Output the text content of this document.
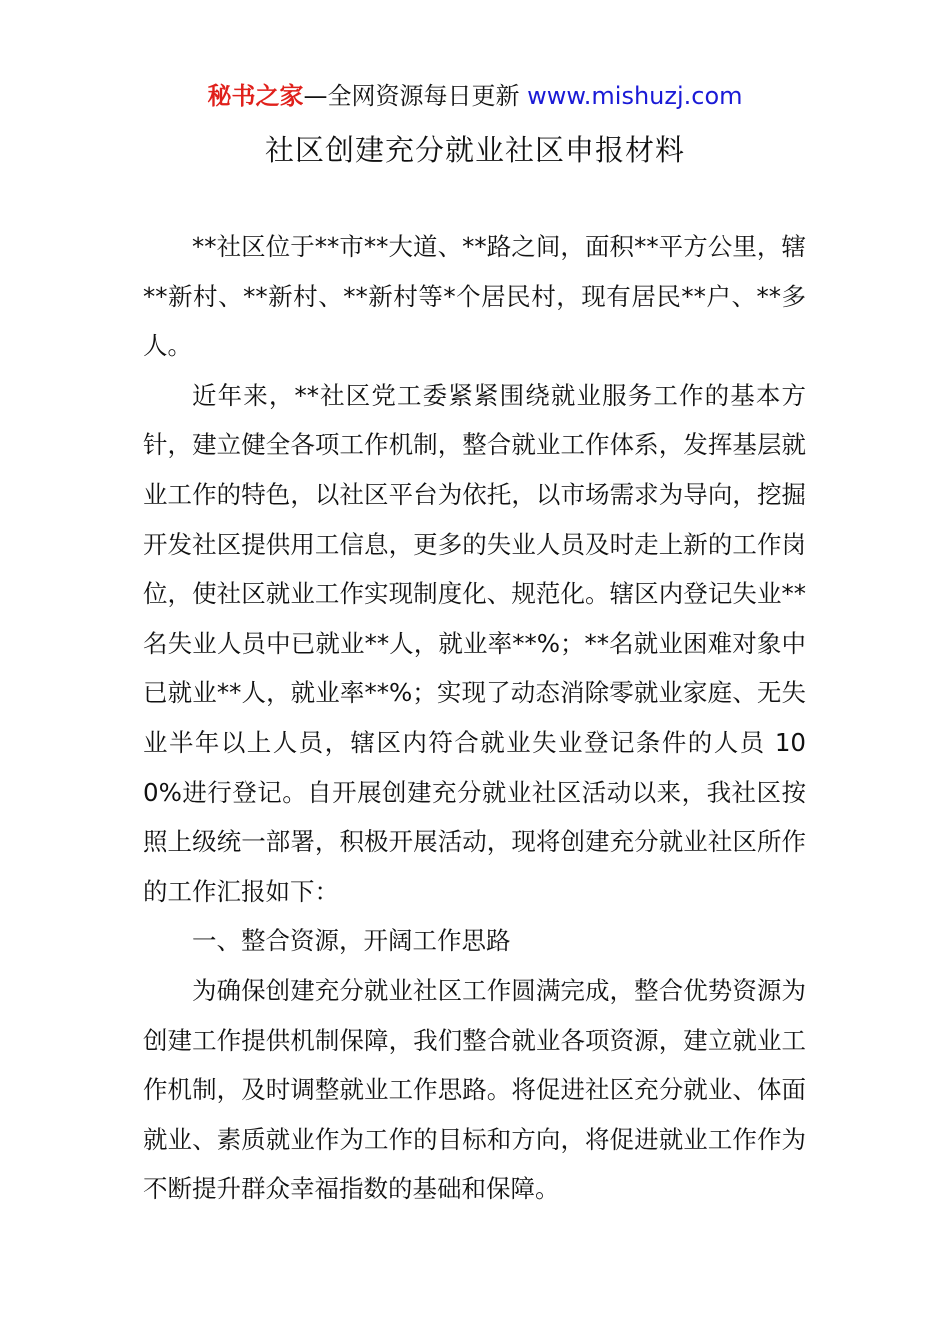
秘书之家—全网资源每日更新 www.mishuzj.com
社区创建充分就业社区申报材料

**社区位于**市**大道、**路之间，面积**平方公里，辖**新村、**新村、**新村等*个居民村，现有居民**户、**多人。

近年来，**社区党工委紧紧围绕就业服务工作的基本方针，建立健全各项工作机制，整合就业工作体系，发挥基层就业工作的特色，以社区平台为依托，以市场需求为导向，挖掘开发社区提供用工信息，更多的失业人员及时走上新的工作岗位，使社区就业工作实现制度化、规范化。辖区内登记失业**名失业人员中已就业**人，就业率**%；**名就业困难对象中已就业**人，就业率**%；实现了动态消除零就业家庭、无失业半年以上人员，辖区内符合就业失业登记条件的人员 100%进行登记。自开展创建充分就业社区活动以来，我社区按照上级统一部署，积极开展活动，现将创建充分就业社区所作的工作汇报如下：

一、整合资源，开阔工作思路

为确保创建充分就业社区工作圆满完成，整合优势资源为创建工作提供机制保障，我们整合就业各项资源，建立就业工作机制，及时调整就业工作思路。将促进社区充分就业、体面就业、素质就业作为工作的目标和方向，将促进就业工作作为不断提升群众幸福指数的基础和保障。
